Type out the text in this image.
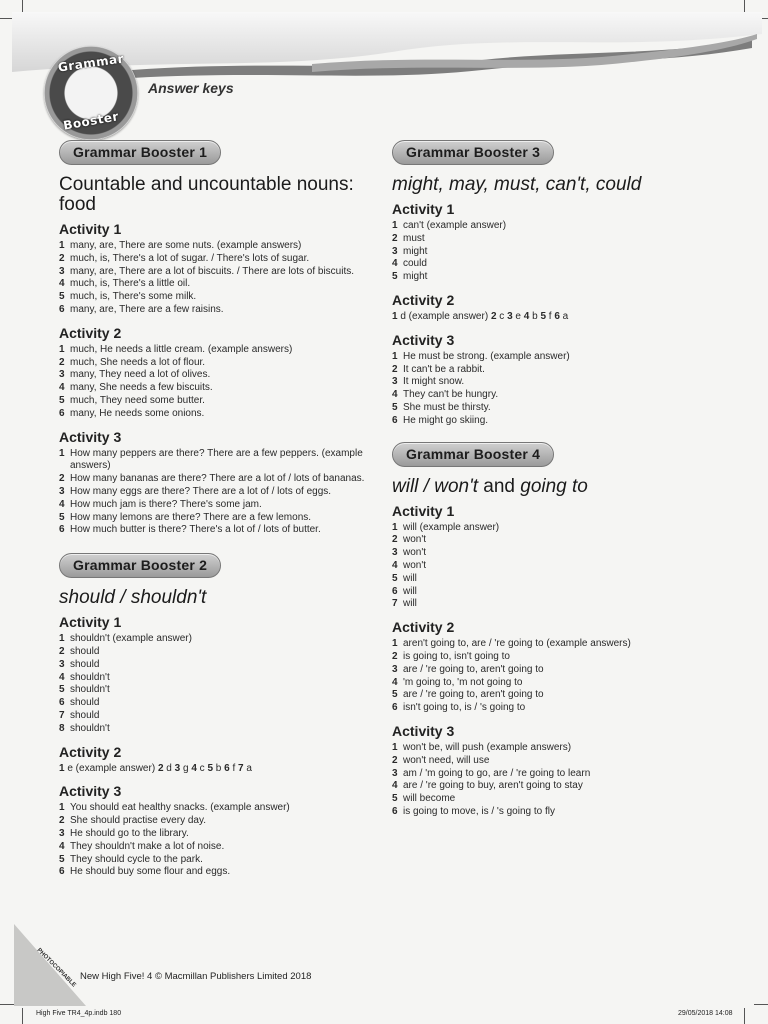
Grammar
Booster
Answer keys
Grammar Booster 1
Countable and uncountable nouns: food
Activity 1
1 many, are, There are some nuts. (example answers)
2 much, is, There's a lot of sugar. / There's lots of sugar.
3 many, are, There are a lot of biscuits. / There are lots of biscuits.
4 much, is, There's a little oil.
5 much, is, There's some milk.
6 many, are, There are a few raisins.
Activity 2
1 much, He needs a little cream. (example answers)
2 much, She needs a lot of flour.
3 many, They need a lot of olives.
4 many, She needs a few biscuits.
5 much, They need some butter.
6 many, He needs some onions.
Activity 3
1 How many peppers are there? There are a few peppers. (example answers)
2 How many bananas are there? There are a lot of / lots of bananas.
3 How many eggs are there? There are a lot of / lots of eggs.
4 How much jam is there? There's some jam.
5 How many lemons are there? There are a few lemons.
6 How much butter is there? There's a lot of / lots of butter.
Grammar Booster 2
should / shouldn't
Activity 1
1 shouldn't (example answer)
2 should
3 should
4 shouldn't
5 shouldn't
6 should
7 should
8 shouldn't
Activity 2
1 e (example answer) 2 d 3 g 4 c 5 b 6 f 7 a
Activity 3
1 You should eat healthy snacks. (example answer)
2 She should practise every day.
3 He should go to the library.
4 They shouldn't make a lot of noise.
5 They should cycle to the park.
6 He should buy some flour and eggs.
Grammar Booster 3
might, may, must, can't, could
Activity 1
1 can't (example answer)
2 must
3 might
4 could
5 might
Activity 2
1 d (example answer) 2 c 3 e 4 b 5 f 6 a
Activity 3
1 He must be strong. (example answer)
2 It can't be a rabbit.
3 It might snow.
4 They can't be hungry.
5 She must be thirsty.
6 He might go skiing.
Grammar Booster 4
will / won't and going to
Activity 1
1 will (example answer)
2 won't
3 won't
4 won't
5 will
6 will
7 will
Activity 2
1 aren't going to, are / 're going to (example answers)
2 is going to, isn't going to
3 are / 're going to, aren't going to
4 'm going to, 'm not going to
5 are / 're going to, aren't going to
6 isn't going to, is / 's going to
Activity 3
1 won't be, will push (example answers)
2 won't need, will use
3 am / 'm going to go, are / 're going to learn
4 are / 're going to buy, aren't going to stay
5 will become
6 is going to move, is / 's going to fly
PHOTOCOPIABLE New High Five! 4 © Macmillan Publishers Limited 2018
High Five TR4_4p.indb 180	29/05/2018 14:08
